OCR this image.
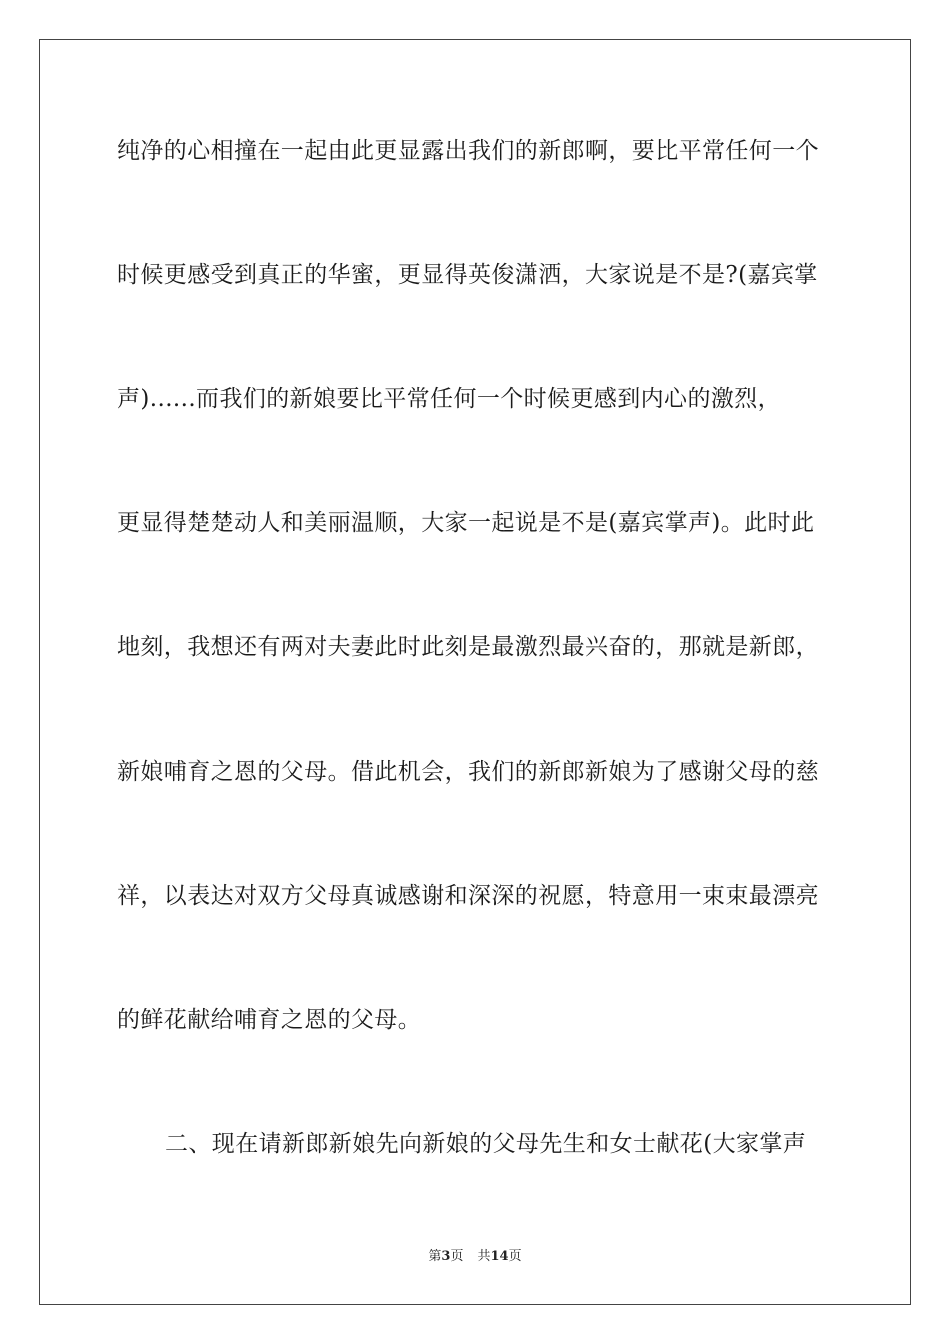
纯净的心相撞在一起由此更显露出我们的新郎啊，要比平常任何一个
时候更感受到真正的华蜜，更显得英俊潇洒，大家说是不是?(嘉宾掌
声)......而我们的新娘要比平常任何一个时候更感到内心的激烈，
更显得楚楚动人和美丽温顺，大家一起说是不是(嘉宾掌声)。此时此
地刻，我想还有两对夫妻此时此刻是最激烈最兴奋的，那就是新郎，
新娘哺育之恩的父母。借此机会，我们的新郎新娘为了感谢父母的慈
祥，以表达对双方父母真诚感谢和深深的祝愿，特意用一束束最漂亮
的鲜花献给哺育之恩的父母。
二、现在请新郎新娘先向新娘的父母先生和女士献花(大家掌声
第3页 共14页
